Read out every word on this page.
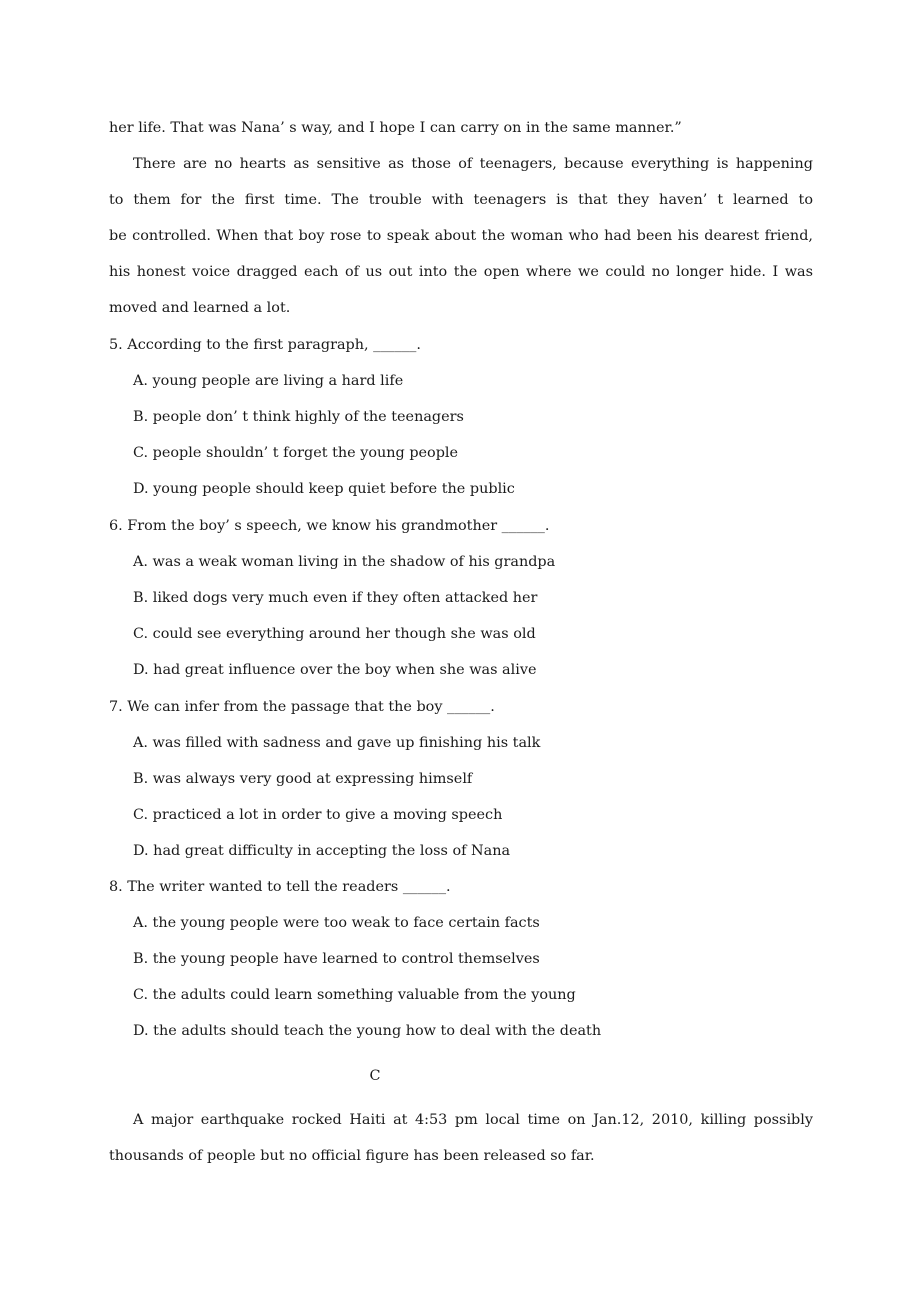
her life. That was Nana’ s way, and I hope I can carry on in the same manner.”
There are no hearts as sensitive as those of teenagers, because everything is happening
to them for the first time. The trouble with teenagers is that they haven’ t learned to
be controlled. When that boy rose to speak about the woman who had been his dearest friend,
his honest voice dragged each of us out into the open where we could no longer hide. I was
moved and learned a lot.
5. According to the first paragraph, ______.
A. young people are living a hard life
B. people don’ t think highly of the teenagers
C. people shouldn’ t forget the young people
D. young people should keep quiet before the public
6. From the boy’ s speech, we know his grandmother ______.
A. was a weak woman living in the shadow of his grandpa
B. liked dogs very much even if they often attacked her
C. could see everything around her though she was old
D. had great influence over the boy when she was alive
7. We can infer from the passage that the boy ______.
A. was filled with sadness and gave up finishing his talk
B. was always very good at expressing himself
C. practiced a lot in order to give a moving speech
D. had great difficulty in accepting the loss of Nana
8. The writer wanted to tell the readers ______.
A. the young people were too weak to face certain facts
B. the young people have learned to control themselves
C. the adults could learn something valuable from the young
D. the adults should teach the young how to deal with the death
C
A major earthquake rocked Haiti at 4:53 pm local time on Jan.12, 2010, killing possibly
thousands of people but no official figure has been released so far.
